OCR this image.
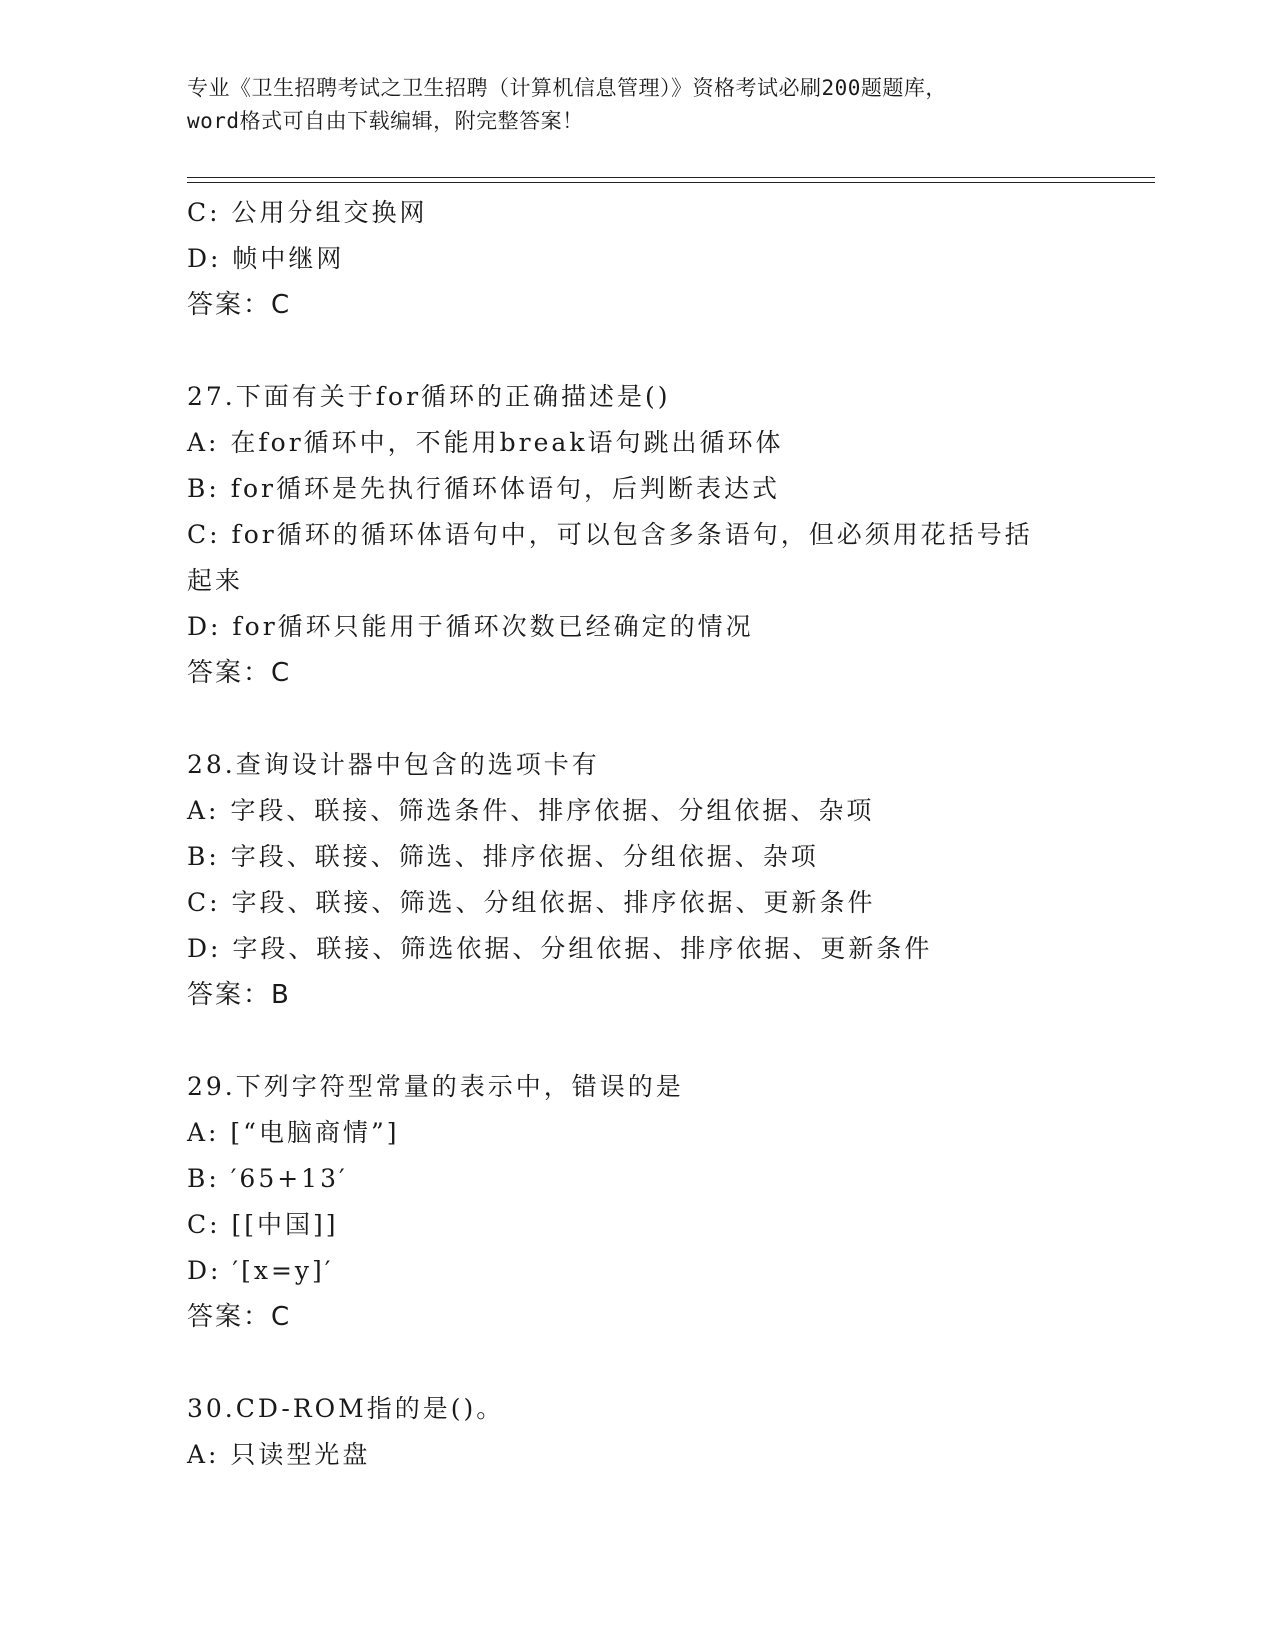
专业《卫生招聘考试之卫生招聘（计算机信息管理）》资格考试必刷200题题库，
word格式可自由下载编辑，附完整答案！
C: 公用分组交换网
D: 帧中继网
答案：C
27.下面有关于for循环的正确描述是()
A: 在for循环中，不能用break语句跳出循环体
B: for循环是先执行循环体语句，后判断表达式
C: for循环的循环体语句中，可以包含多条语句，但必须用花括号括
起来
D: for循环只能用于循环次数已经确定的情况
答案：C
28.查询设计器中包含的选项卡有
A: 字段、联接、筛选条件、排序依据、分组依据、杂项
B: 字段、联接、筛选、排序依据、分组依据、杂项
C: 字段、联接、筛选、分组依据、排序依据、更新条件
D: 字段、联接、筛选依据、分组依据、排序依据、更新条件
答案：B
29.下列字符型常量的表示中，错误的是
A: [“电脑商情”]
B: ′65+13′
C: [[中国]]
D: ′[x=y]′
答案：C
30.CD-ROM指的是()。
A: 只读型光盘
